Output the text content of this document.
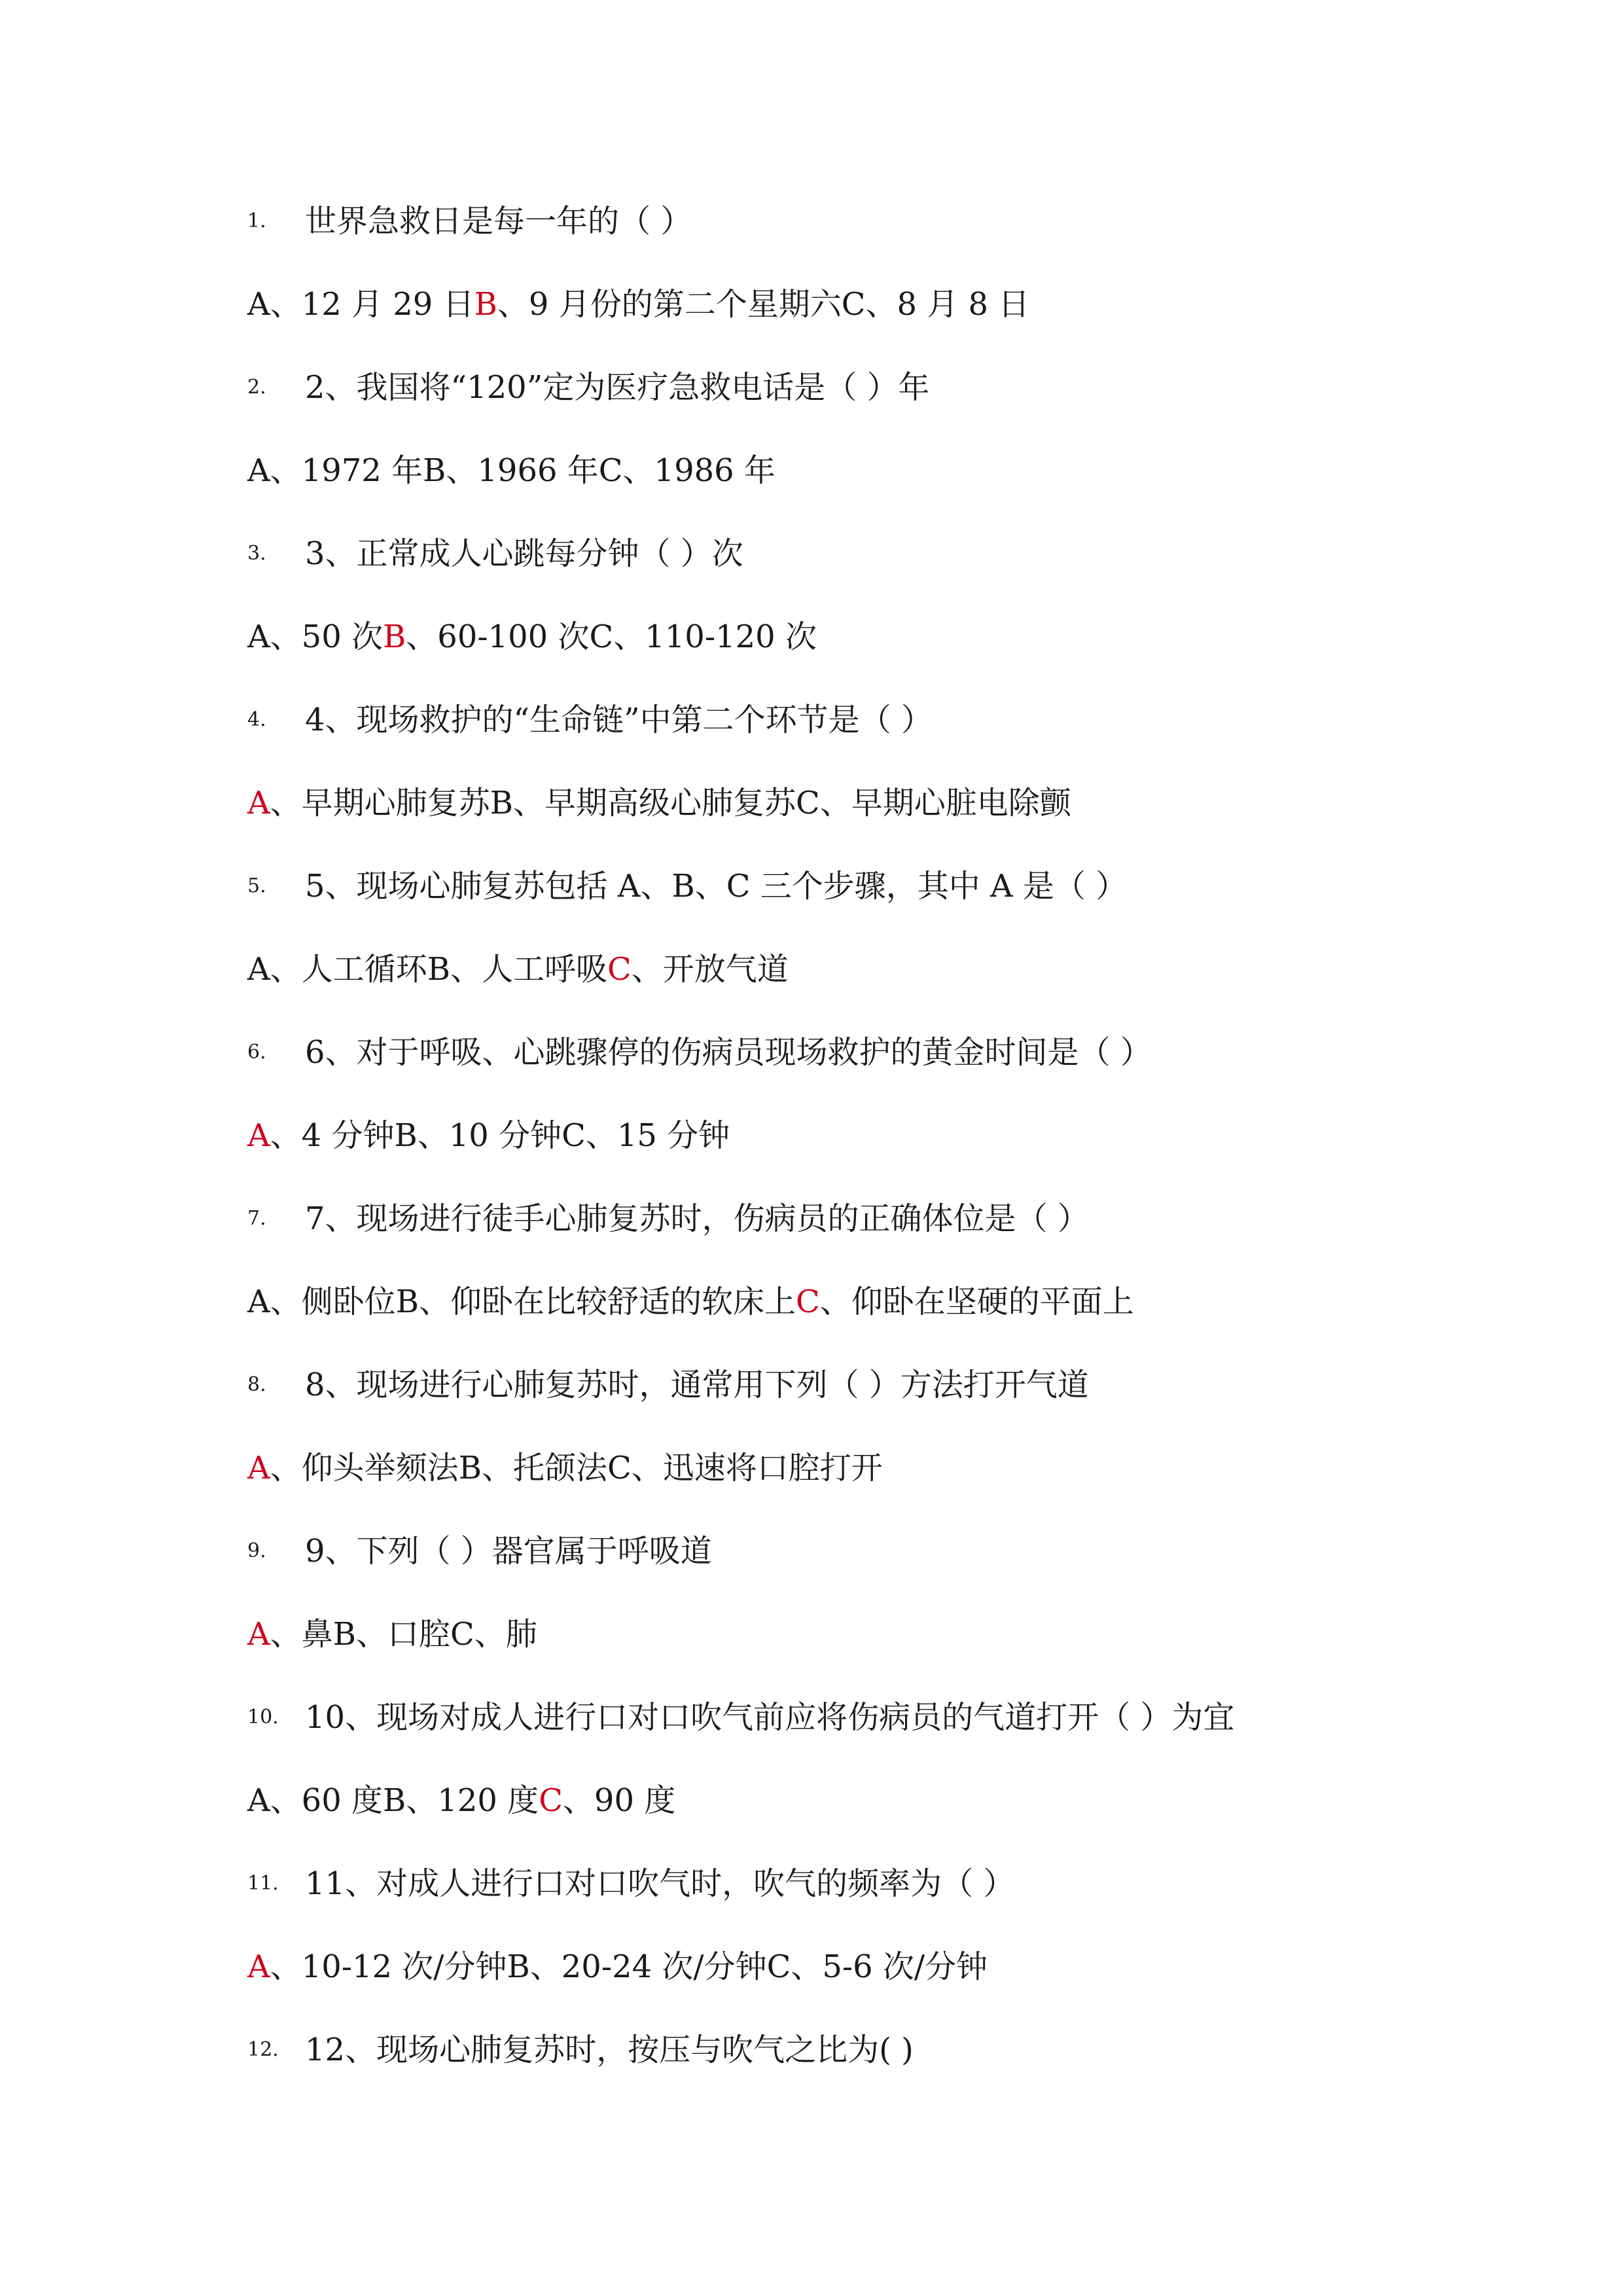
1.	世界急救日是每一年的（ ）
A 、12 月 29 日 B 、9 月份的第二个星期六 C 、8 月 8 日
2.	2、我国将“120”定为医疗急救电话是（ ）年
A 、1972 年 B 、1966 年 C 、1986 年
3.	3、正常成人心跳每分钟（ ）次
A 、50 次 B 、60-100 次 C 、110-120 次
4.	4、现场救护的“生命链”中第二个环节是（ ）
A 、早期心肺复苏 B 、早期高级心肺复苏 C 、早期心脏电除颤
5.	5、现场心肺复苏包括 A、B、C 三个步骤，其中 A 是（ ）
A 、人工循环 B 、人工呼吸 C 、开放气道
6.	6、对于呼吸、心跳骤停的伤病员现场救护的黄金时间是（ ）
A 、4 分钟 B 、10 分钟 C 、15 分钟
7.	7、现场进行徒手心肺复苏时，伤病员的正确体位是（ ）
A 、侧卧位 B 、仰卧在比较舒适的软床上 C 、仰卧在坚硬的平面上
8.	8、现场进行心肺复苏时，通常用下列（ ）方法打开气道
A 、仰头举颏法 B 、托颌法 C 、迅速将口腔打开
9.	9、下列（ ）器官属于呼吸道
A 、鼻 B 、口腔 C 、肺
10. 10、现场对成人进行口对口吹气前应将伤病员的气道打开（ ）为宜
A 、60 度 B 、120 度 C 、90 度
11. 11、对成人进行口对口吹气时，吹气的频率为（ ）
A 、10-12 次/分钟 B 、20-24 次/分钟 C 、5-6 次/分钟
12. 12、现场心肺复苏时，按压与吹气之比为( )
